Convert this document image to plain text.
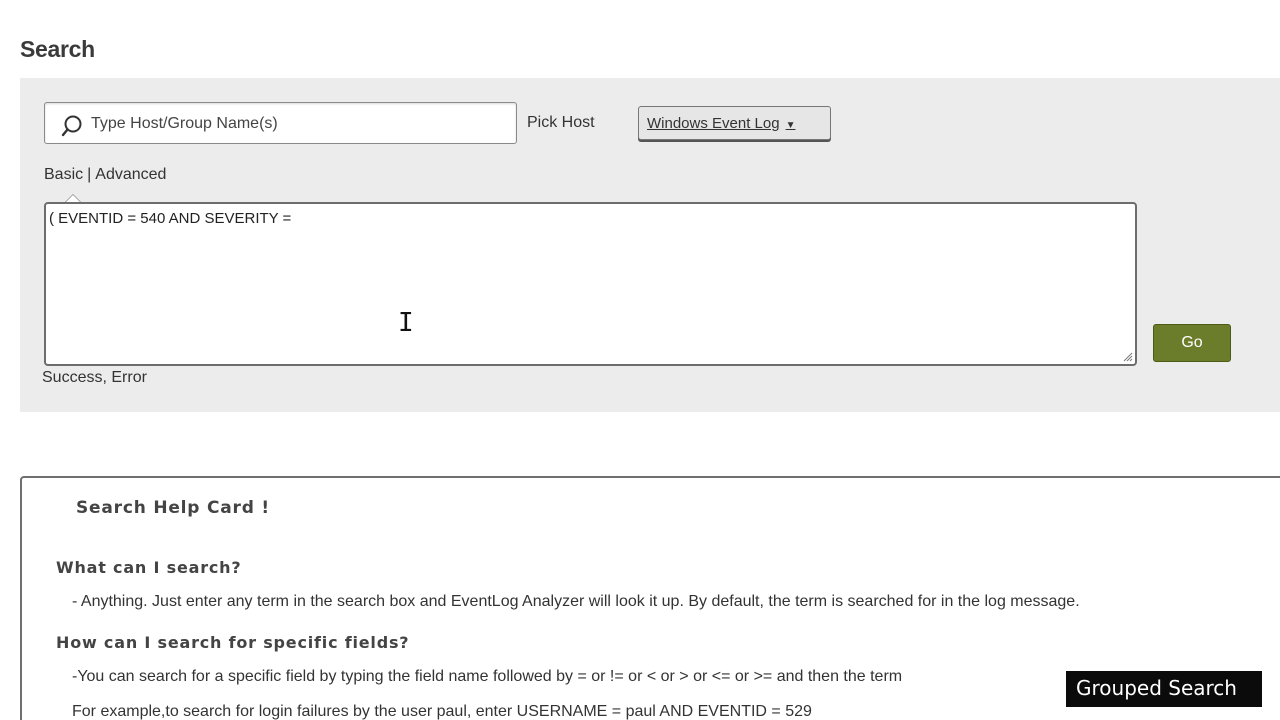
Search
Type Host/Group Name(s)
Pick Host	Windows Event Log ▼
Basic | Advanced
( EVENTID = 540 AND SEVERITY =
I
Go
Success, Error
Search Help Card !
What can I search?
- Anything. Just enter any term in the search box and EventLog Analyzer will look it up. By default, the term is searched for in the log message.
How can I search for specific fields?
-You can search for a specific field by typing the field name followed by = or != or < or > or <= or >= and then the term
For example,to search for login failures by the user paul, enter USERNAME = paul AND EVENTID = 529
Grouped Search
